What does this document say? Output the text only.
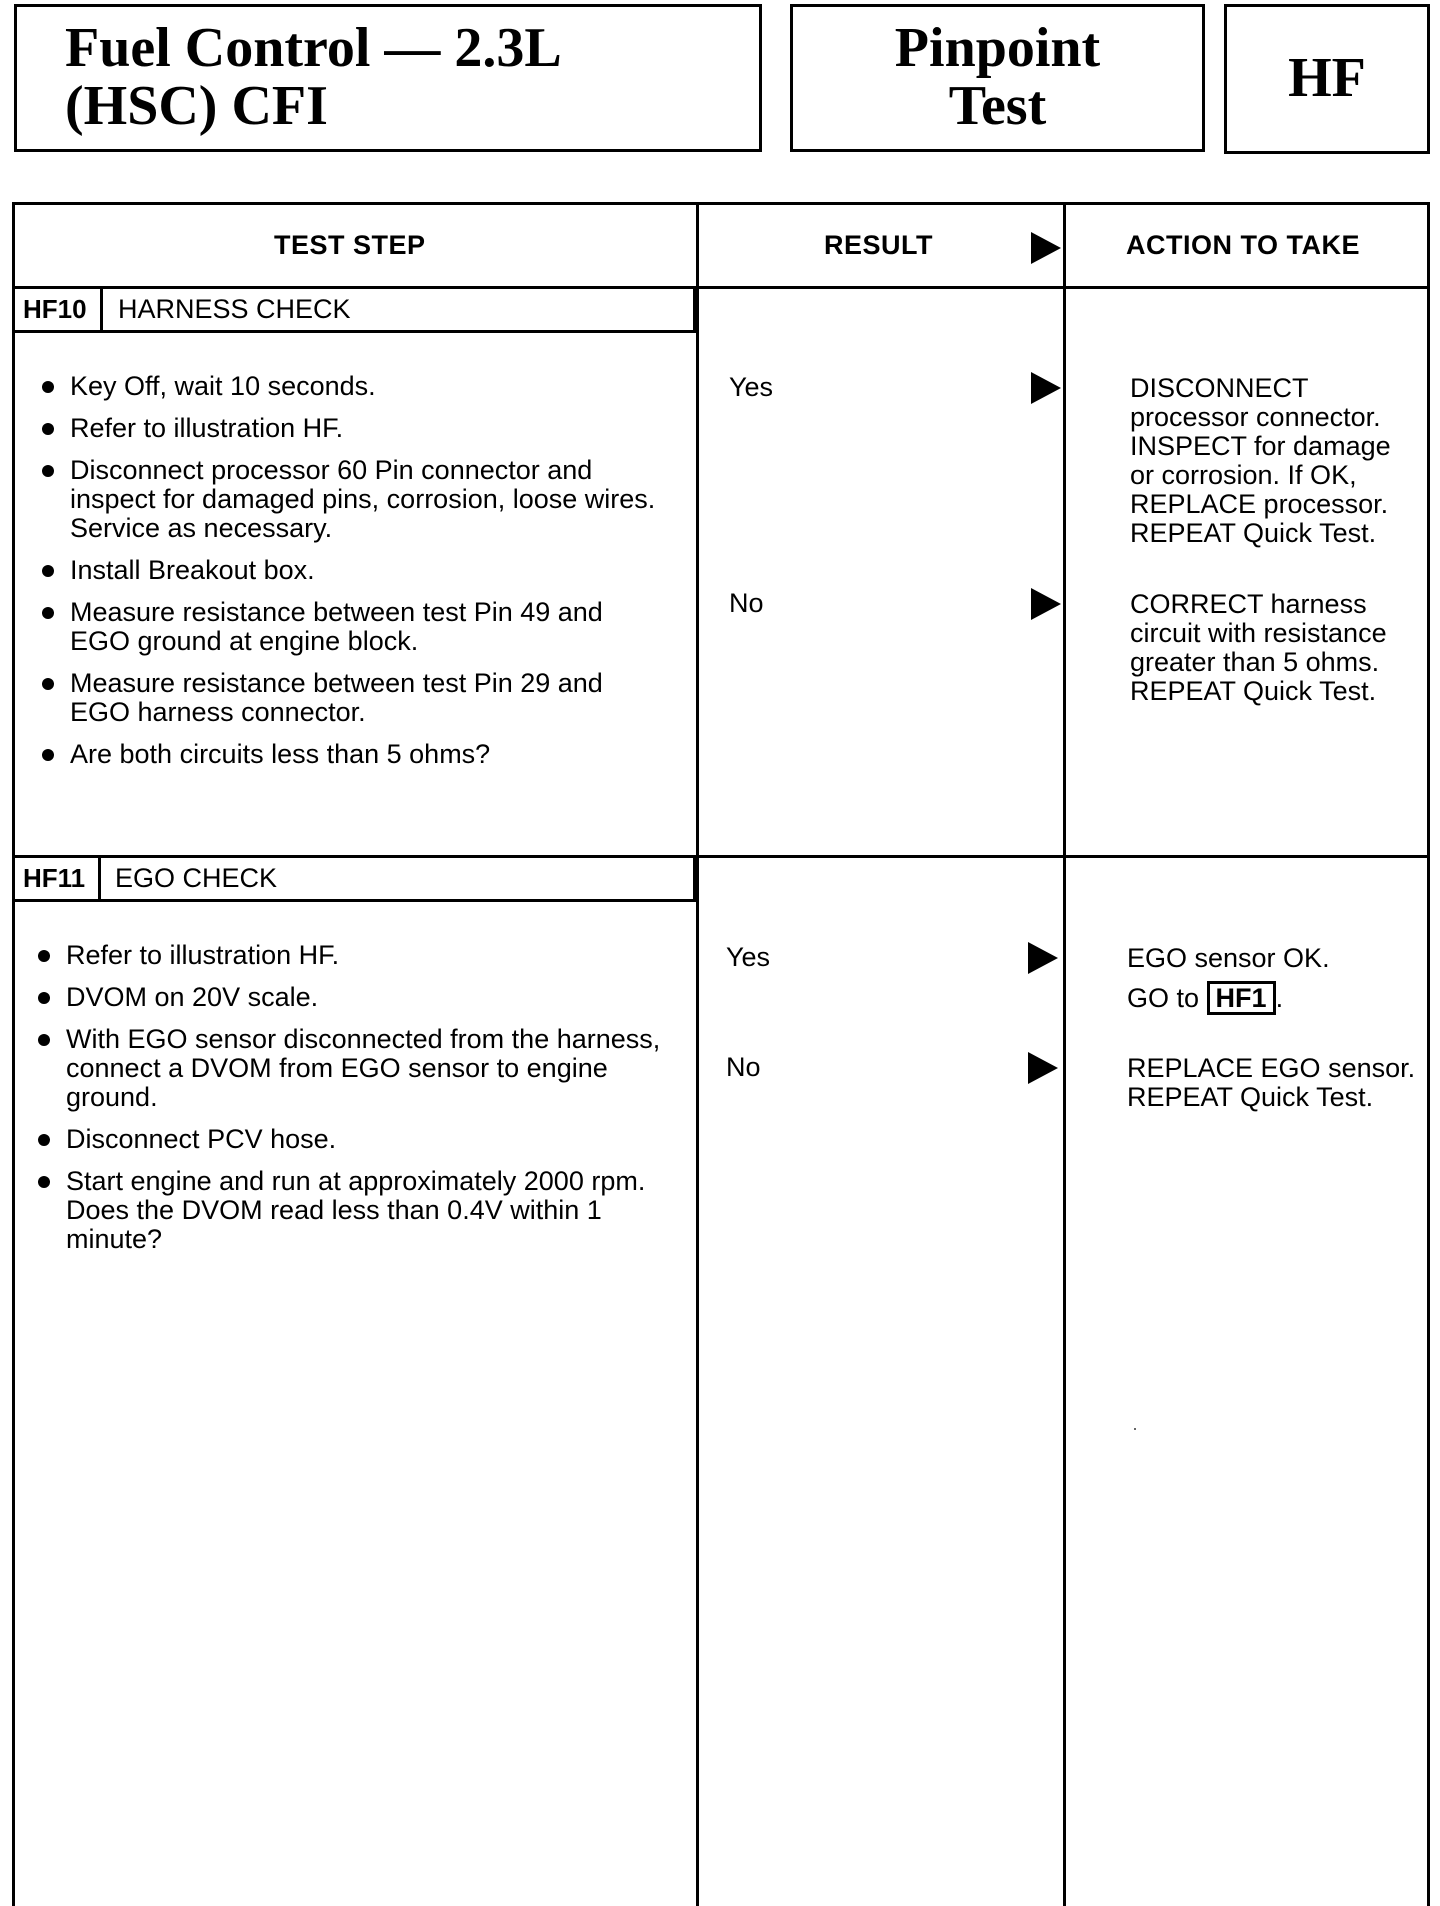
Fuel Control — 2.3L
(HSC) CFI
Pinpoint
Test	HF
TEST STEP	RESULT	ACTION TO TAKE
HF10	HARNESS CHECK
Key Off, wait 10 seconds.
Refer to illustration HF.
Disconnect processor 60 Pin connector and inspect for damaged pins, corrosion, loose wires. Service as necessary.
Install Breakout box.
Measure resistance between test Pin 49 and EGO ground at engine block.
Measure resistance between test Pin 29 and EGO harness connector.
Are both circuits less than 5 ohms?
Yes	DISCONNECT processor connector. INSPECT for damage or corrosion. If OK, REPLACE processor. REPEAT Quick Test.
No	CORRECT harness circuit with resistance greater than 5 ohms. REPEAT Quick Test.
HF11	EGO CHECK
Refer to illustration HF.
DVOM on 20V scale.
With EGO sensor disconnected from the harness, connect a DVOM from EGO sensor to engine ground.
Disconnect PCV hose.
Start engine and run at approximately 2000 rpm. Does the DVOM read less than 0.4V within 1 minute?
Yes	EGO sensor OK.
GO to HF1 .
No	REPLACE EGO sensor. REPEAT Quick Test.
